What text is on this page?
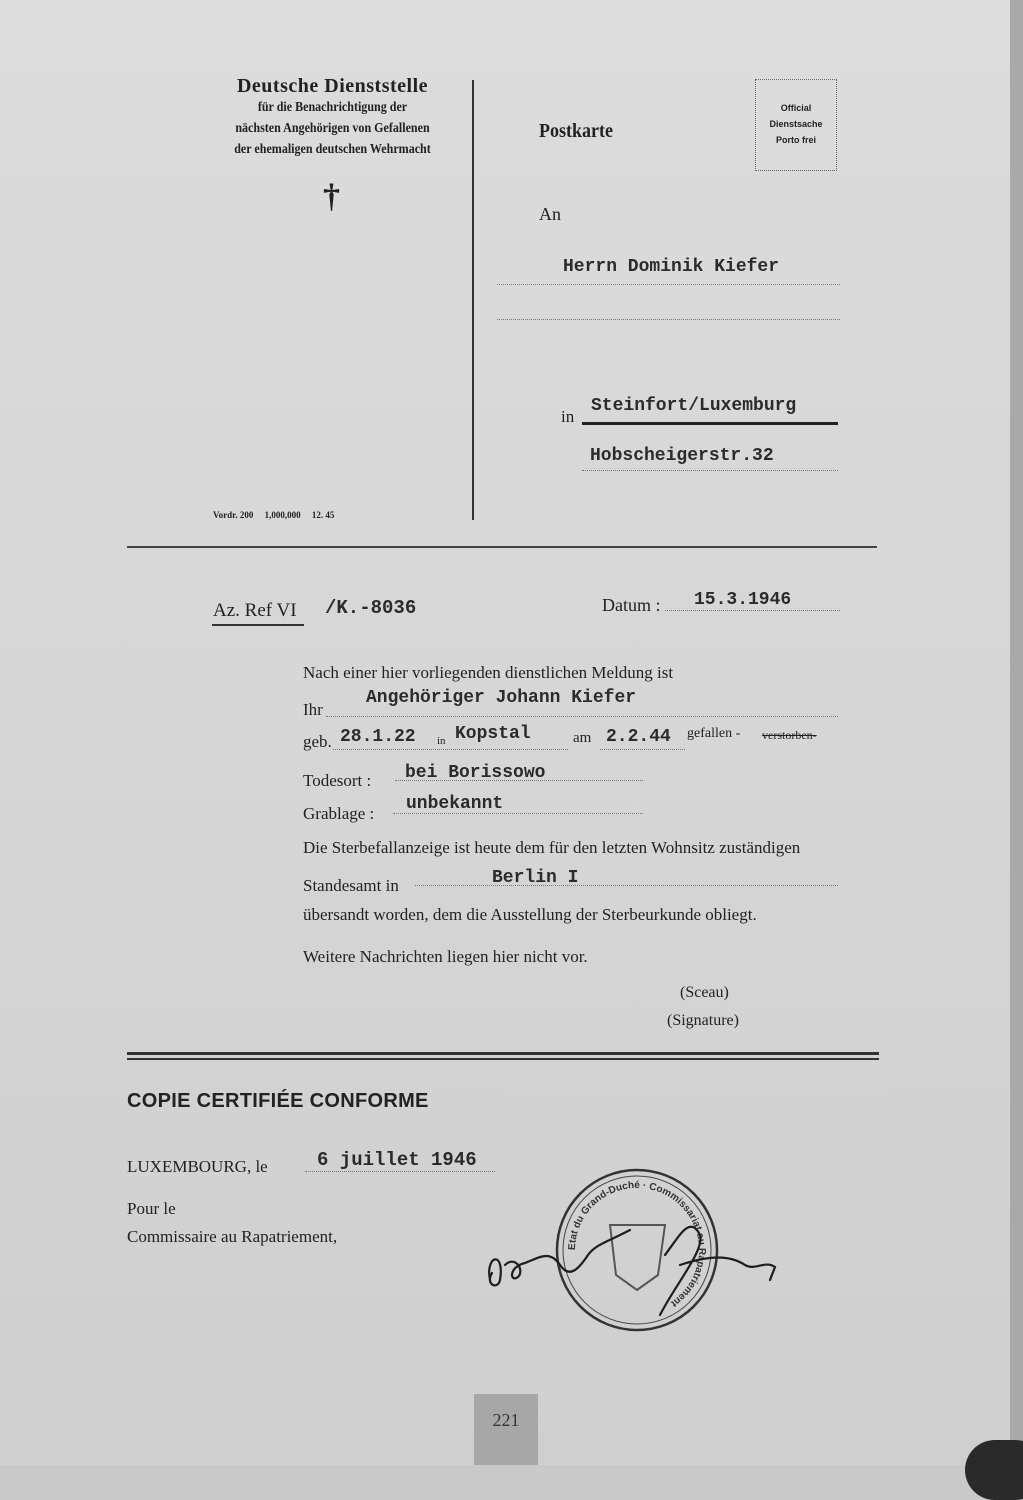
Deutsche Dienststelle
für die Benachrichtigung der
nächsten Angehörigen von Gefallenen
der ehemaligen deutschen Wehrmacht
†
Vordr. 200     1,000,000     12. 45
Postkarte
Official
Dienstsache
Porto frei
An
Herrn Dominik Kiefer
in
Steinfort/Luxemburg
Hobscheigerstr.32
Az. Ref VI /K.-8036	Datum : 15.3.1946
Nach einer hier vorliegenden dienstlichen Meldung ist
Ihr
Angehöriger Johann Kiefer
geb. 28.1.22 in Kopstal	am 2.2.44 gefallen - verstorben-
Todesort : bei Borissowo
Grablage : unbekannt
Die Sterbefallanzeige ist heute dem für den letzten Wohnsitz zuständigen
Standesamt in	Berlin I
übersandt worden, dem die Ausstellung der Sterbeurkunde obliegt.
Weitere Nachrichten liegen hier nicht vor.
(Sceau)
(Signature)
COPIE CERTIFIÉE CONFORME
LUXEMBOURG, le	6 juillet 1946
Pour le
Commissaire au Rapatriement,
Etat du Grand-Duché · Commissariat au Rapatriement
221
